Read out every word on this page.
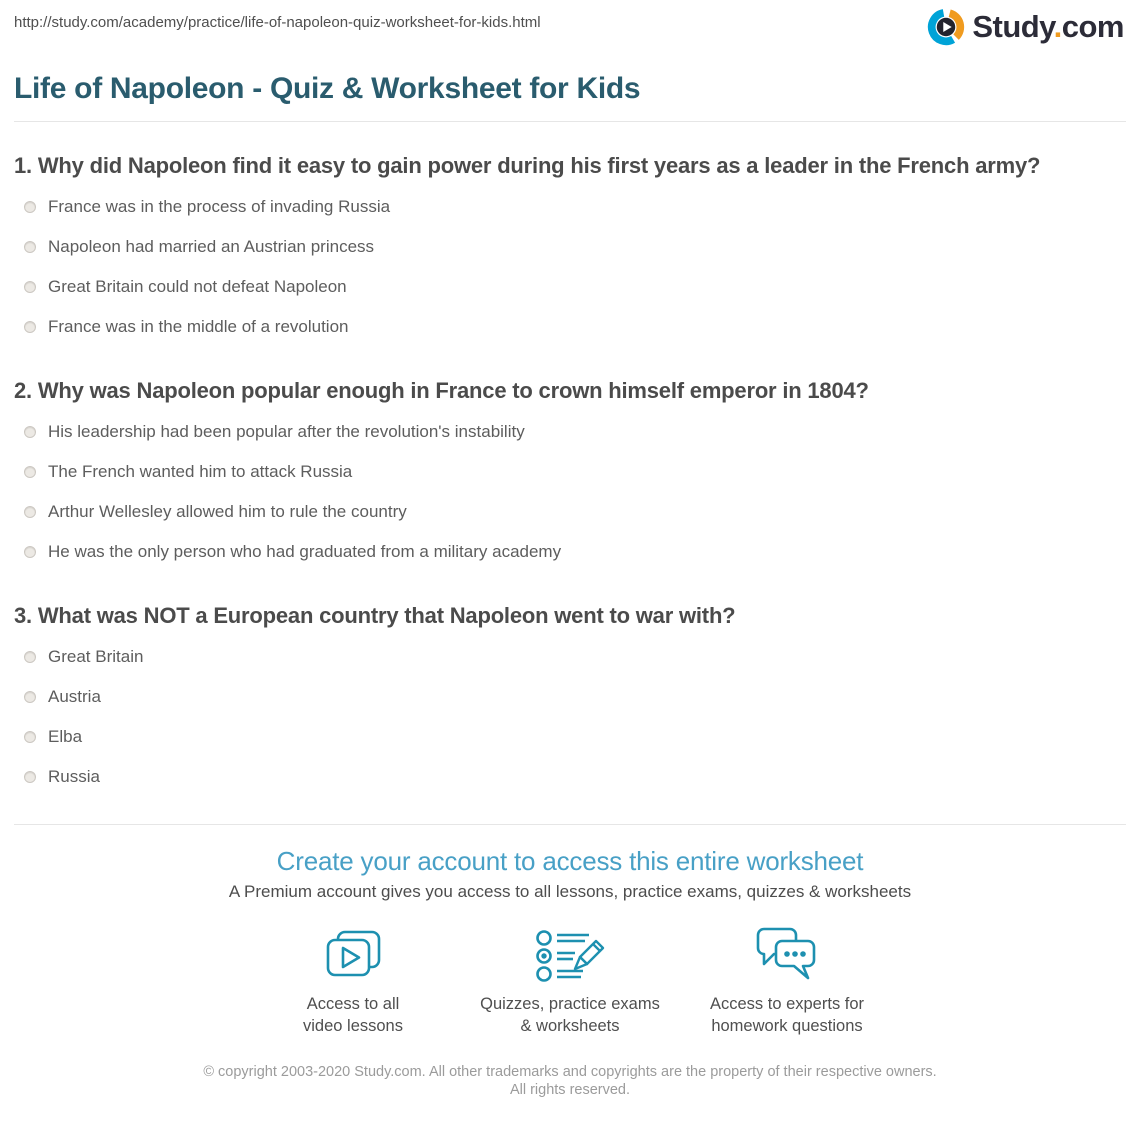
http://study.com/academy/practice/life-of-napoleon-quiz-worksheet-for-kids.html	Study.com
Life of Napoleon - Quiz & Worksheet for Kids
1. Why did Napoleon find it easy to gain power during his first years as a leader in the French army?
France was in the process of invading Russia
Napoleon had married an Austrian princess
Great Britain could not defeat Napoleon
France was in the middle of a revolution
2. Why was Napoleon popular enough in France to crown himself emperor in 1804?
His leadership had been popular after the revolution's instability
The French wanted him to attack Russia
Arthur Wellesley allowed him to rule the country
He was the only person who had graduated from a military academy
3. What was NOT a European country that Napoleon went to war with?
Great Britain
Austria
Elba
Russia
Create your account to access this entire worksheet
A Premium account gives you access to all lessons, practice exams, quizzes & worksheets
Access to all
video lessons
Quizzes, practice exams
& worksheets
Access to experts for
homework questions
© copyright 2003-2020 Study.com. All other trademarks and copyrights are the property of their respective owners. All rights reserved.
